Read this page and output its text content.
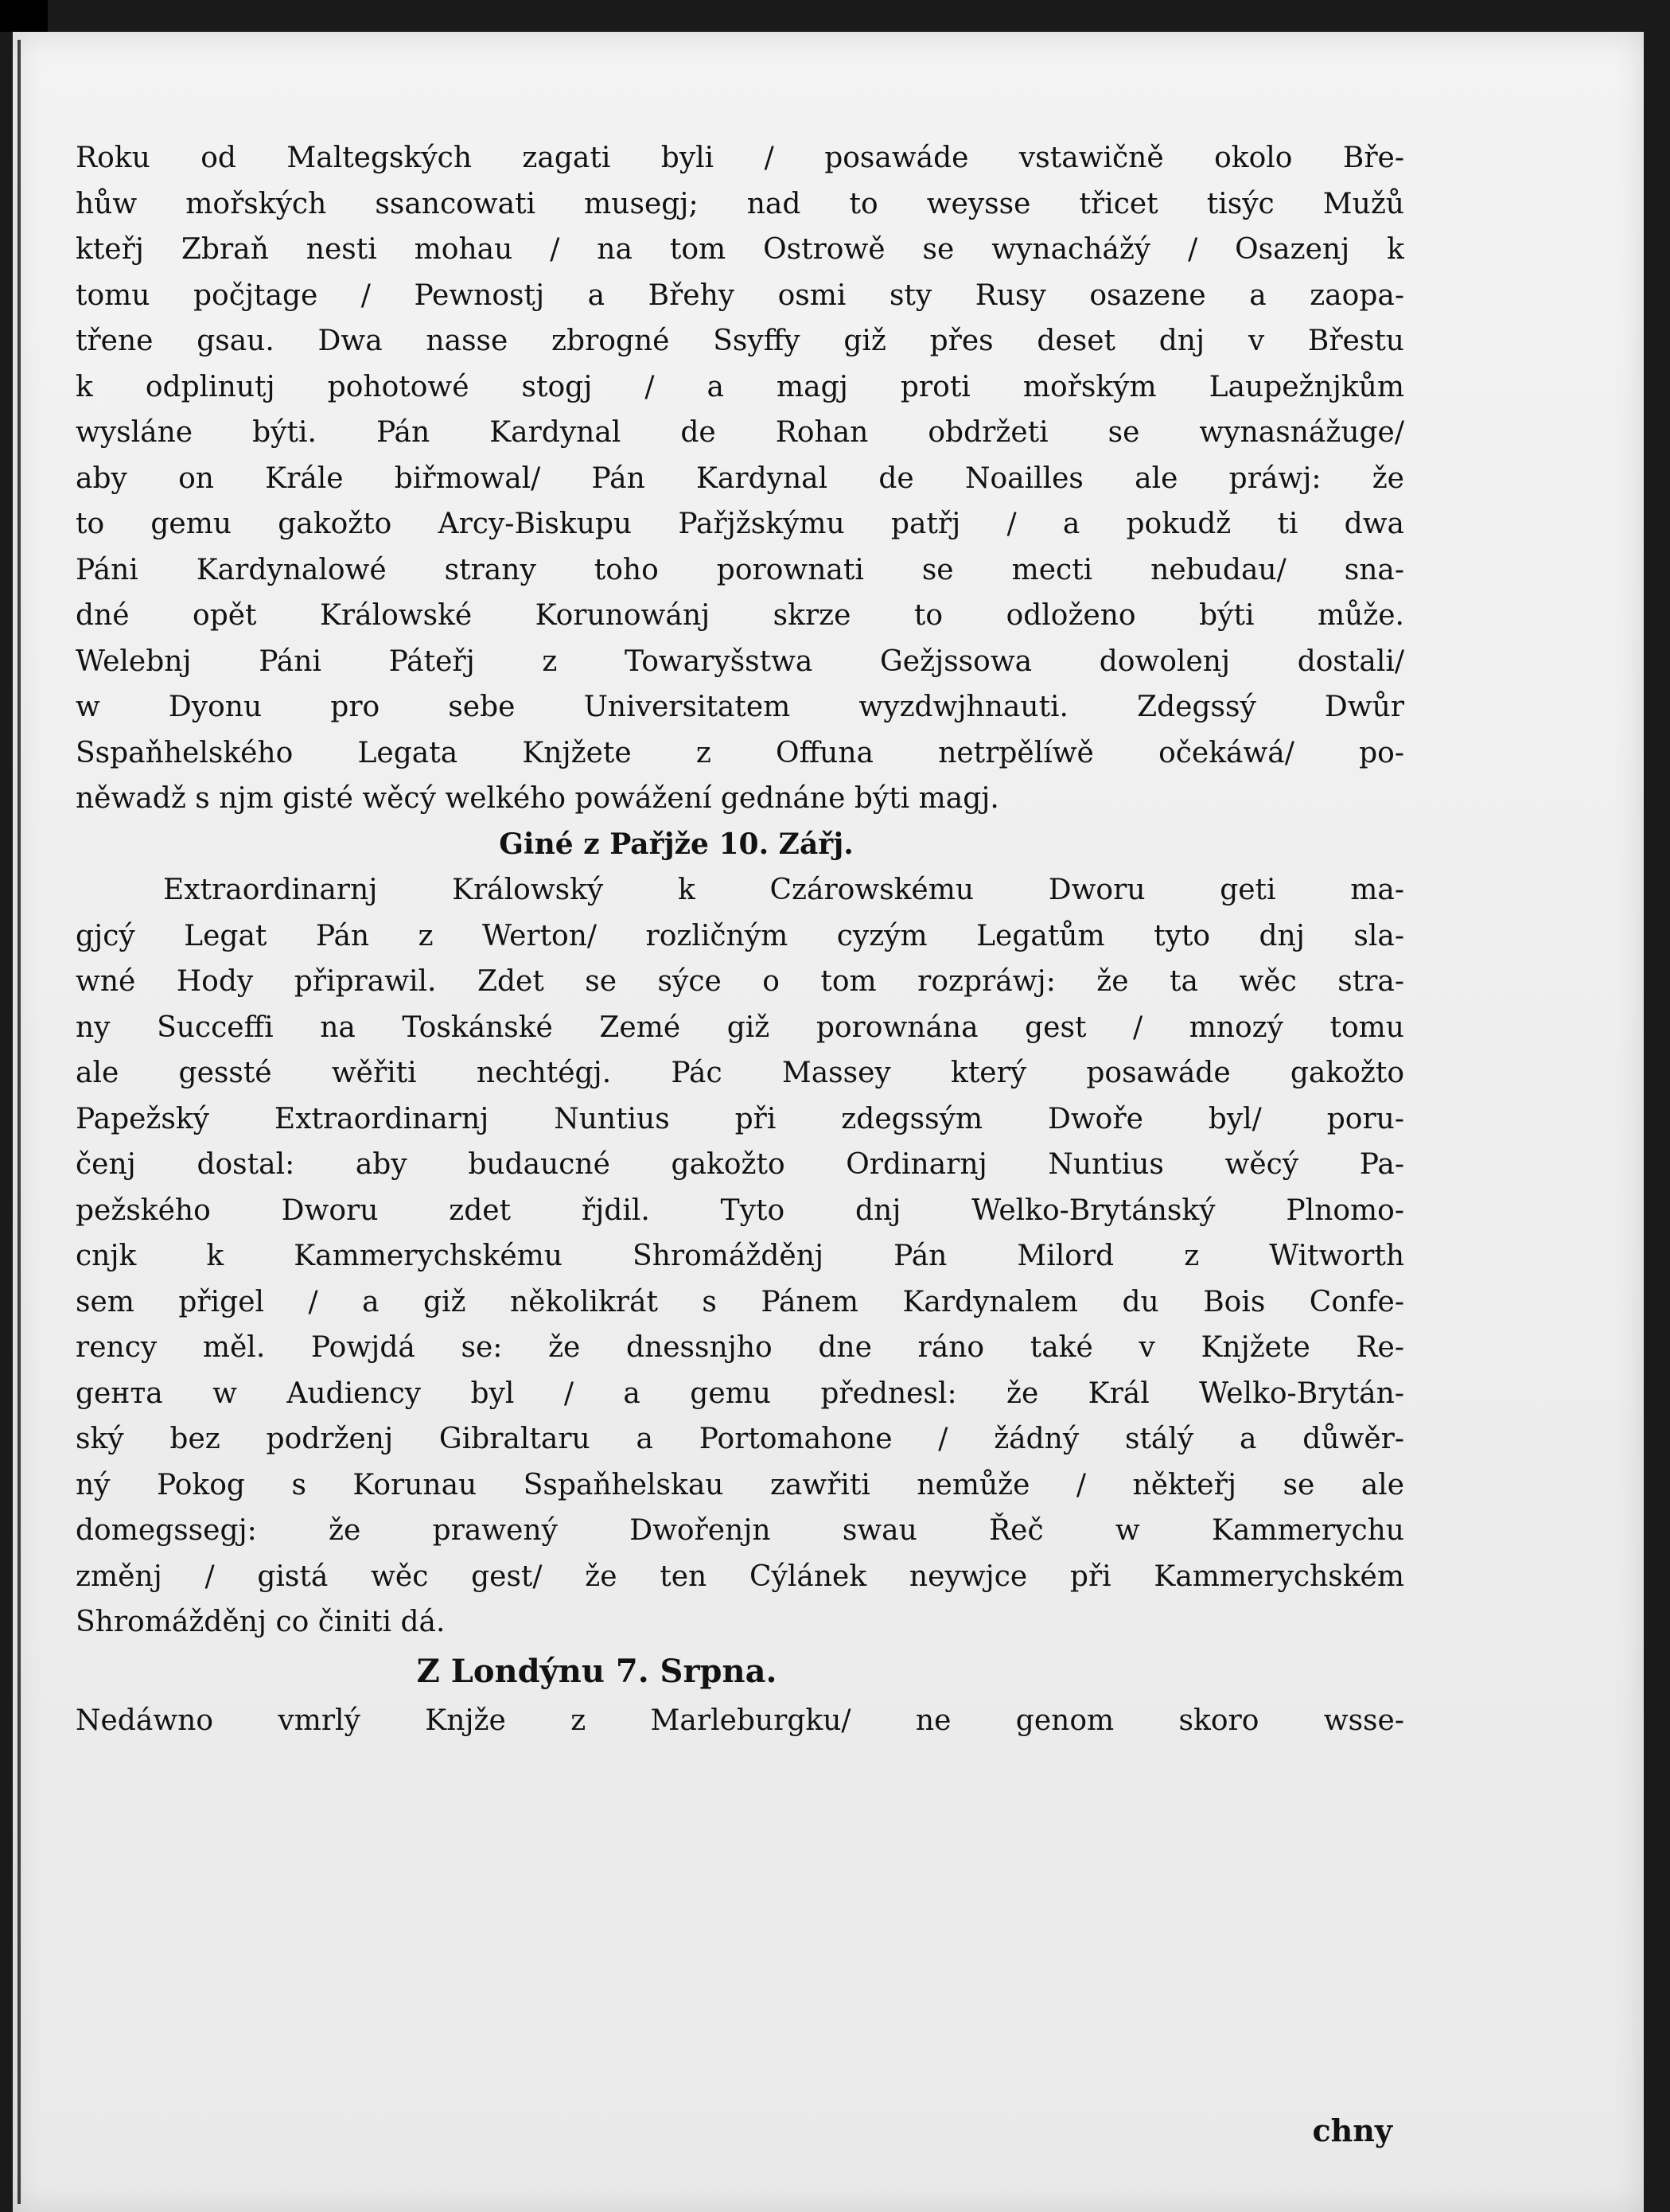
Roku od Maltegských zagati byli / posawáde vstawičně okolo Bře-
hůw mořských ssancowati musegj; nad to weysse třicet tisýc Mužů
kteřj Zbraň nesti mohau / na tom Ostrowě se wynachážý / Osazenj k
tomu počjtage / Pewnostj a Břehy osmi sty Rusy osazene a zaopa-
třene gsau. Dwa nasse zbrogné Ssyffy giž přes deset dnj v Břestu
k odplinutj pohotowé stogj / a magj proti mořským Laupežnjkům
wyslánе býti. Pán Kardynal de Rohan obdržeti se wynasnážuge/
aby on Krále biřmowal/ Pán Kardynal de Noailles ale práwj: že
to gemu gakožto Arcy-Biskupu Pařjžskýmu patřj / a pokudž ti dwa
Páni Kardynalowé strany toho porownati se mecti nebudau/ sna-
dné opět Králowské Korunowánj skrze to odloženo býti může.
Welebnj Páni Páteřj z Towaryšstwa Gežjssowa dowolenj dostali/
w Dyonu pro sebe Universitatem wyzdwjhnauti. Zdegssý Dwůr
Sspaňhelského Legata Knjžete z Offuna netrpělíwě očekáwá/ po-
něwadž s njm gisté wěcý welkého powážení gednáne býti magj.
Giné z Pařjže 10. Zářj.
Extraordinarnj Králowský k Czárowskému Dworu geti ma-
gjcý Legat Pán z Werton/ rozličným cyzým Legatům tyto dnj sla-
wné Hody připrawil. Zdet se sýce o tom rozpráwj: že ta wěc stra-
ny Succeffi na Toskánské Zemé giž porownána gest / mnozý tomu
ale gessté wěřiti nechtégj. Pác Massey který posawáde gakožto
Papežský Extraordinarnj Nuntius při zdegssým Dwořе byl/ poru-
čenj dostal: aby budaucné gakožto Ordinarnj Nuntius wěcý Pa-
pežského Dworu zdet řjdil. Tyto dnj Welko-Brytánský Plnomo-
cnjk k Kammerychskému Shromážděnj Pán Milord z Witworth
sem přigel / a giž několikrát s Pánem Kardynalem du Bois Confe-
rency měl. Powjdá se: že dnessnjho dne ráno také v Knjžete Re-
gента w Audiency byl / a gemu přednesl: že Král Welko-Brytán-
ský bez podrženj Gibraltaru a Portomahone / žádný stálý a důwěr-
ný Pokog s Korunau Sspaňhelskau zawřiti nemůže / někteřj se ale
domegssegj: že prawený Dwořenjn swau Řeč w Kammerychu
změnj / gistá wěc gest/ že ten Cýlánek neywjce při Kammerychském
Shromážděnj co činiti dá.
Z Londýnu 7. Srpna.
Nedáwno vmrlý Knjže z Marleburgku/ ne genom skoro wsse-
chny
